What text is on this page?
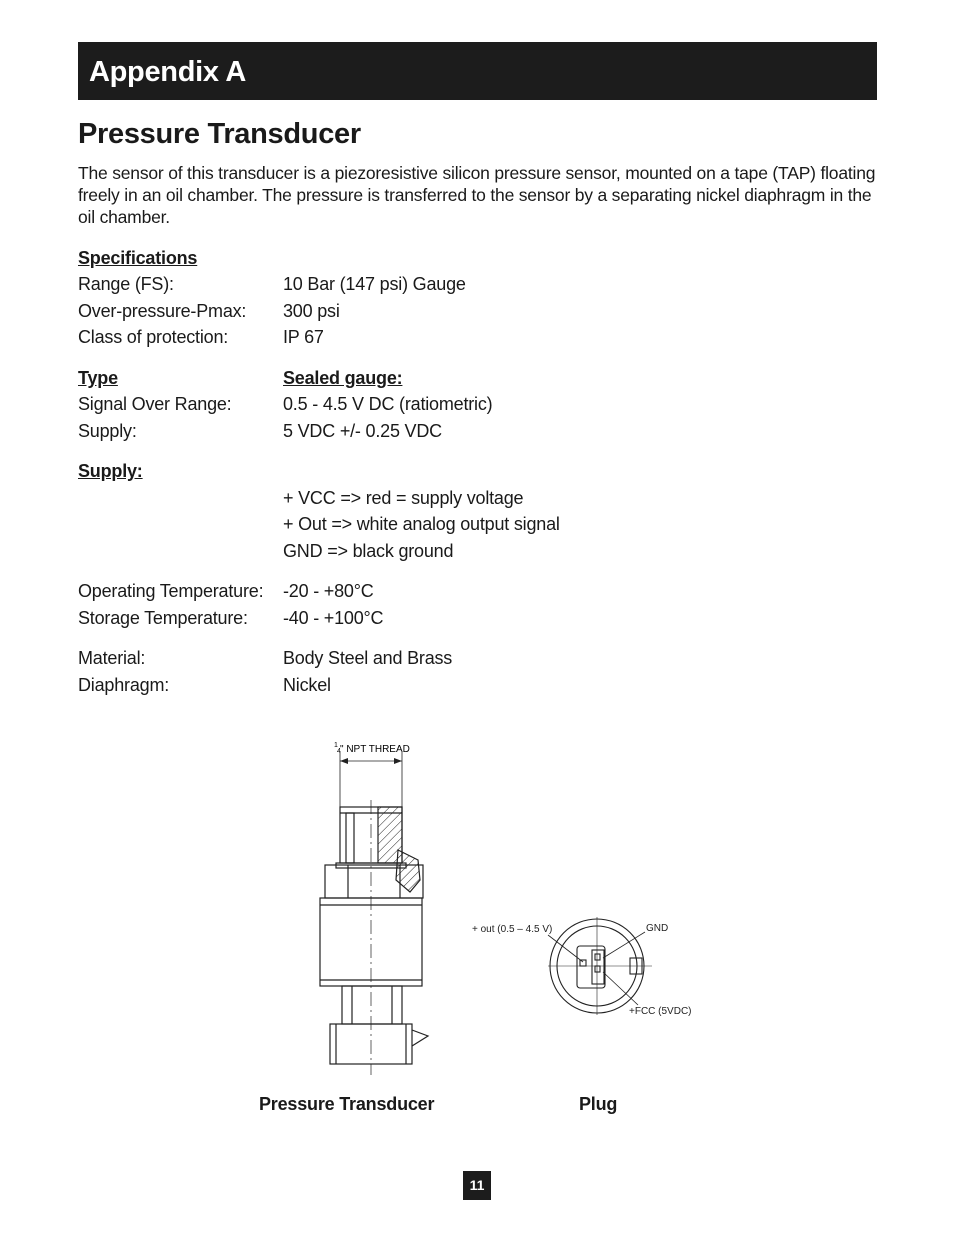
Appendix A
Pressure Transducer

The sensor of this transducer is a piezoresistive silicon pressure sensor, mounted on a tape (TAP) floating freely in an oil chamber. The pressure is transferred to the sensor by a separating nickel diaphragm in the oil chamber.

Specifications
Range (FS):	10 Bar (147 psi) Gauge
Over-pressure-Pmax: 300 psi
Class of protection:	IP 67
Type	Sealed gauge:
Signal Over Range:	0.5 - 4.5 V DC (ratiometric)
Supply:	5 VDC +/- 0.25 VDC
Supply:
+ VCC => red = supply voltage
+ Out => white analog output signal
GND => black ground
Operating Temperature: -20 - +80°C
Storage Temperature: -40 - +100°C
Material:	Body Steel and Brass
Diaphragm:	Nickel
1
4 " NPT THREAD
+ out (0.5 – 4.5 V)	GND
+FCC (5VDC)
Pressure Transducer	Plug
11
